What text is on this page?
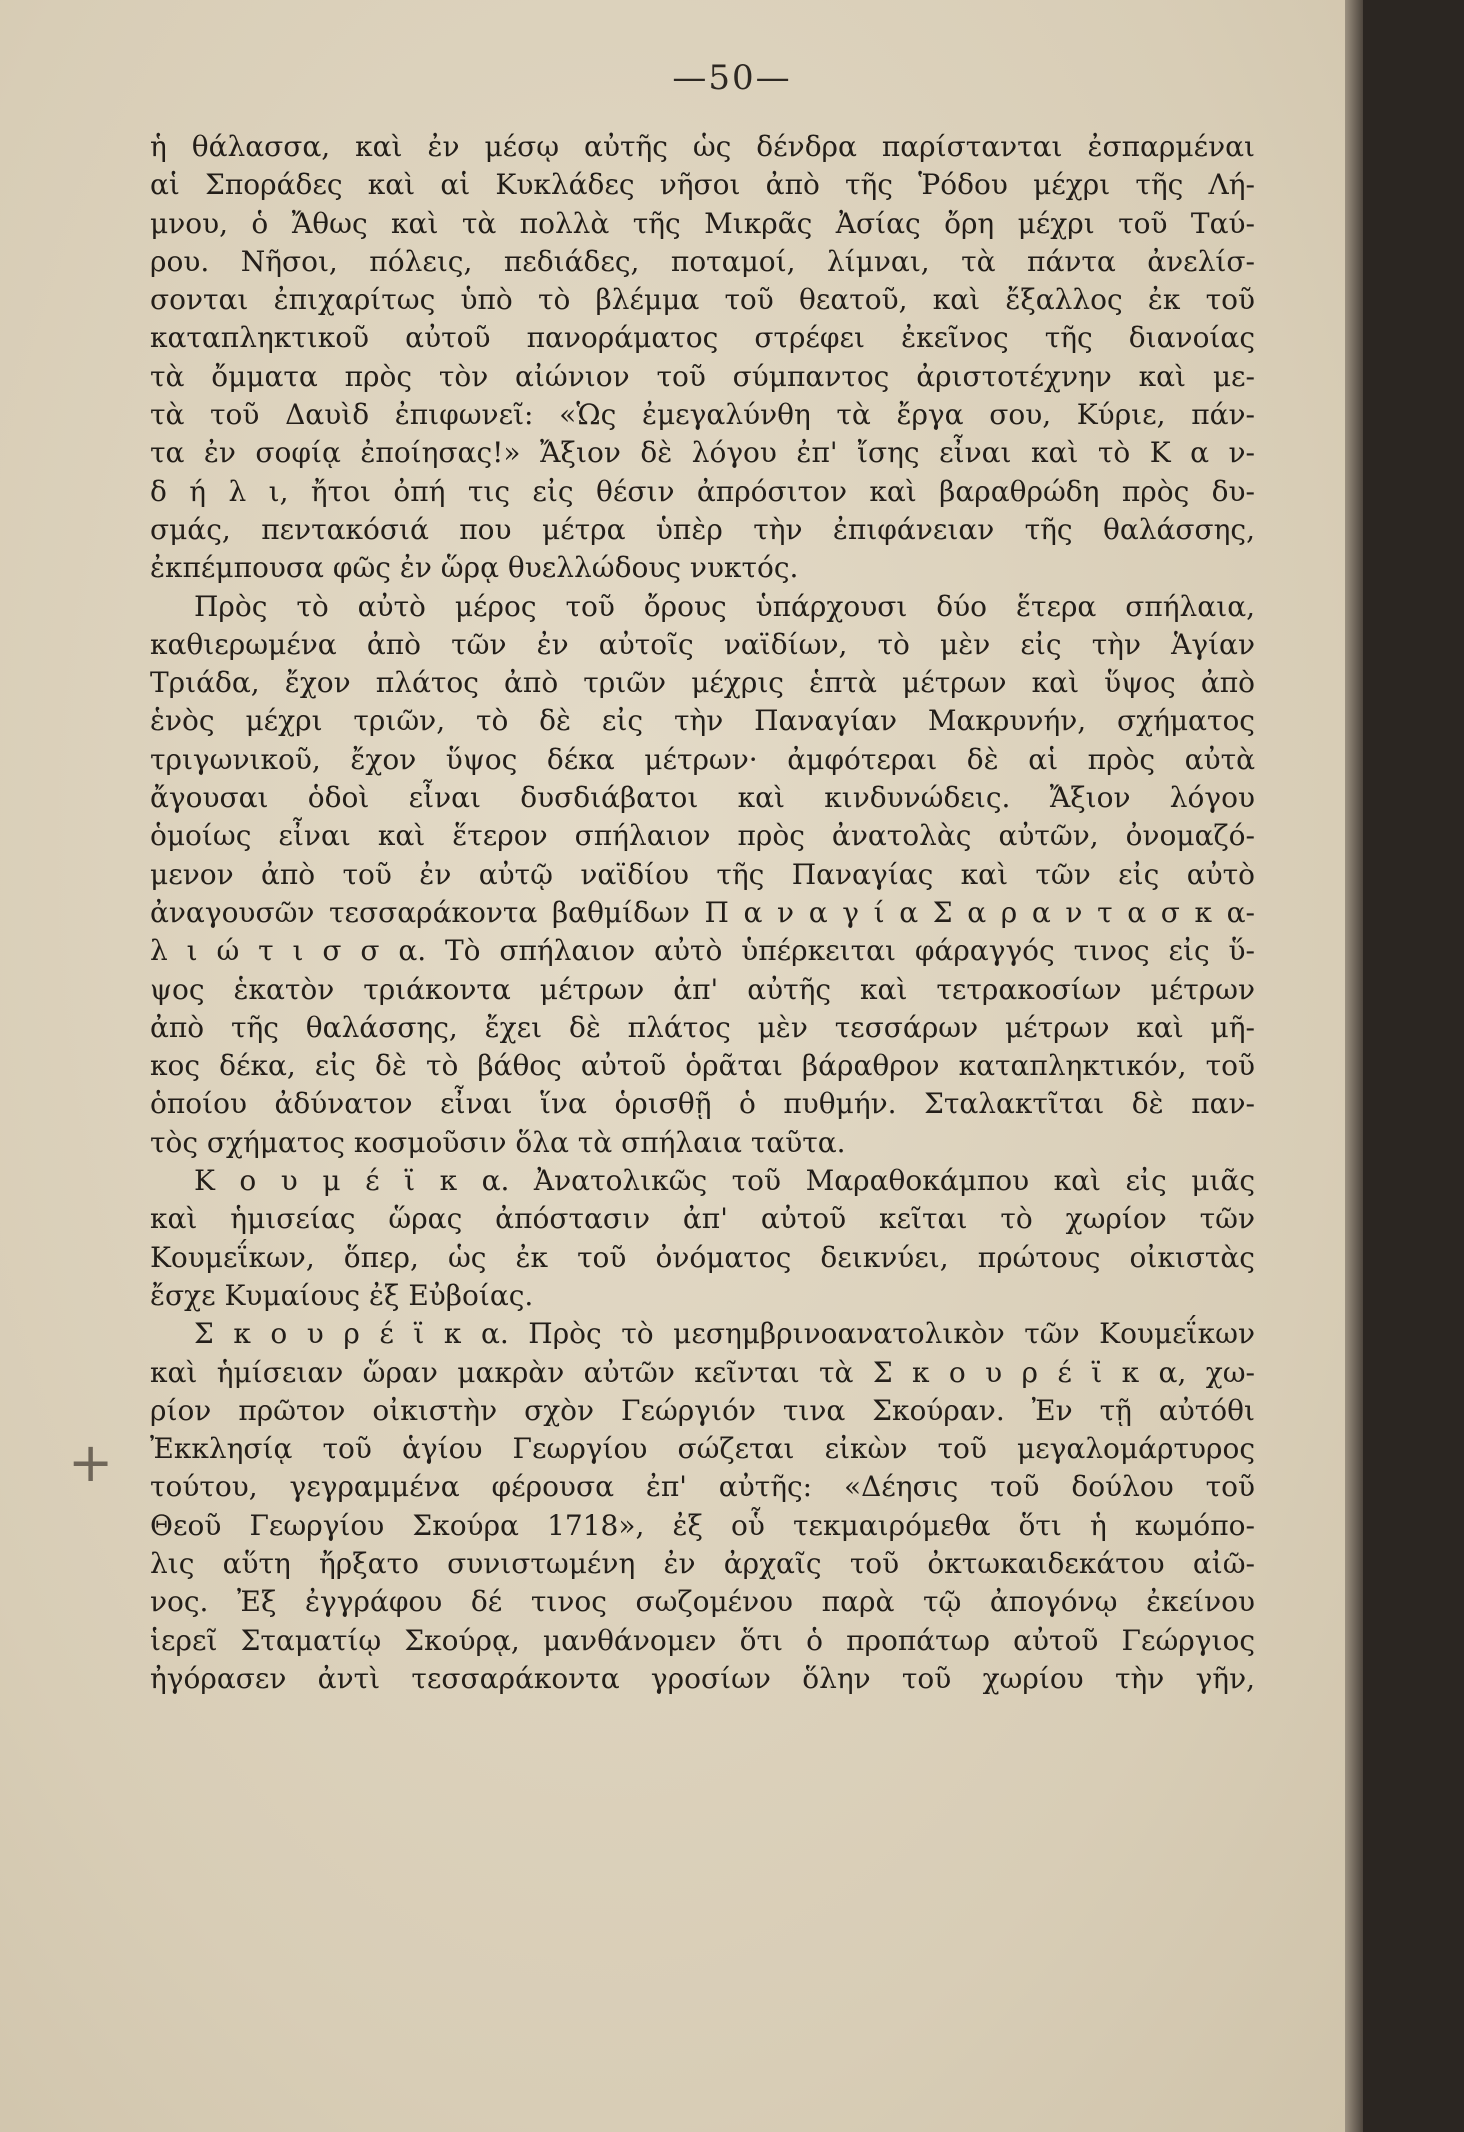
+
ἡ θάλασσα, καὶ ἐν μέσῳ αὐτῆς ὡς δένδρα παρίστανται ἐσπαρμέναι
αἱ Σποράδες καὶ αἱ Κυκλάδες νῆσοι ἀπὸ τῆς Ῥόδου μέχρι τῆς Λή-
μνου, ὁ Ἄθως καὶ τὰ πολλὰ τῆς Μικρᾶς Ἀσίας ὄρη μέχρι τοῦ Ταύ-
ρου. Νῆσοι, πόλεις, πεδιάδες, ποταμοί, λίμναι, τὰ πάντα ἀνελίσ-
σονται ἐπιχαρίτως ὑπὸ τὸ βλέμμα τοῦ θεατοῦ, καὶ ἔξαλλος ἐκ τοῦ
καταπληκτικοῦ αὐτοῦ πανοράματος στρέφει ἐκεῖνος τῆς διανοίας
τὰ ὄμματα πρὸς τὸν αἰώνιον τοῦ σύμπαντος ἀριστοτέχνην καὶ με-
τὰ τοῦ Δαυὶδ ἐπιφωνεῖ: «Ὡς ἐμεγαλύνθη τὰ ἔργα σου, Κύριε, πάν-
τα ἐν σοφίᾳ ἐποίησας!» Ἄξιον δὲ λόγου ἐπ' ἴσης εἶναι καὶ τὸ Κ α ν-
δ ή λ ι, ἤτοι ὀπή τις εἰς θέσιν ἀπρόσιτον καὶ βαραθρώδη πρὸς δυ-
σμάς, πεντακόσιά που μέτρα ὑπὲρ τὴν ἐπιφάνειαν τῆς θαλάσσης,
ἐκπέμπουσα φῶς ἐν ὥρᾳ θυελλώδους νυκτός.
Πρὸς τὸ αὐτὸ μέρος τοῦ ὄρους ὑπάρχουσι δύο ἕτερα σπήλαια,
καθιερωμένα ἀπὸ τῶν ἐν αὐτοῖς ναϊδίων, τὸ μὲν εἰς τὴν Ἁγίαν
Τριάδα, ἔχον πλάτος ἀπὸ τριῶν μέχρις ἑπτὰ μέτρων καὶ ὕψος ἀπὸ
ἑνὸς μέχρι τριῶν, τὸ δὲ εἰς τὴν Παναγίαν Μακρυνήν, σχήματος
τριγωνικοῦ, ἔχον ὕψος δέκα μέτρων· ἀμφότεραι δὲ αἱ πρὸς αὐτὰ
ἄγουσαι ὁδοὶ εἶναι δυσδιάβατοι καὶ κινδυνώδεις. Ἄξιον λόγου
ὁμοίως εἶναι καὶ ἕτερον σπήλαιον πρὸς ἀνατολὰς αὐτῶν, ὀνομαζό-
μενον ἀπὸ τοῦ ἐν αὐτῷ ναϊδίου τῆς Παναγίας καὶ τῶν εἰς αὐτὸ
ἀναγουσῶν τεσσαράκοντα βαθμίδων Π α ν α γ ί α Σ α ρ α ν τ α σ κ α-
λ ι ώ τ ι σ σ α. Τὸ σπήλαιον αὐτὸ ὑπέρκειται φάραγγός τινος εἰς ὕ-
ψος ἑκατὸν τριάκοντα μέτρων ἀπ' αὐτῆς καὶ τετρακοσίων μέτρων
ἀπὸ τῆς θαλάσσης, ἔχει δὲ πλάτος μὲν τεσσάρων μέτρων καὶ μῆ-
κος δέκα, εἰς δὲ τὸ βάθος αὐτοῦ ὁρᾶται βάραθρον καταπληκτικόν, τοῦ
ὁποίου ἀδύνατον εἶναι ἵνα ὁρισθῇ ὁ πυθμήν. Σταλακτῖται δὲ παν-
τὸς σχήματος κοσμοῦσιν ὅλα τὰ σπήλαια ταῦτα.
Κ ο υ μ έ ϊ κ α. Ἀνατολικῶς τοῦ Μαραθοκάμπου καὶ εἰς μιᾶς
καὶ ἡμισείας ὥρας ἀπόστασιν ἀπ' αὐτοῦ κεῖται τὸ χωρίον τῶν
Κουμεΐκων, ὅπερ, ὡς ἐκ τοῦ ὀνόματος δεικνύει, πρώτους οἰκιστὰς
ἔσχε Κυμαίους ἐξ Εὐβοίας.
Σ κ ο υ ρ έ ϊ κ α. Πρὸς τὸ μεσημβρινοανατολικὸν τῶν Κουμεΐκων
καὶ ἡμίσειαν ὥραν μακρὰν αὐτῶν κεῖνται τὰ Σ κ ο υ ρ έ ϊ κ α, χω-
ρίον πρῶτον οἰκιστὴν σχὸν Γεώργιόν τινα Σκούραν. Ἐν τῇ αὐτόθι
Ἐκκλησίᾳ τοῦ ἁγίου Γεωργίου σώζεται εἰκὼν τοῦ μεγαλομάρτυρος
τούτου, γεγραμμένα φέρουσα ἐπ' αὐτῆς: «Δέησις τοῦ δούλου τοῦ
Θεοῦ Γεωργίου Σκούρα 1718», ἐξ οὗ τεκμαιρόμεθα ὅτι ἡ κωμόπο-
λις αὕτη ἤρξατο συνιστωμένη ἐν ἀρχαῖς τοῦ ὀκτωκαιδεκάτου αἰῶ-
νος. Ἐξ ἐγγράφου δέ τινος σωζομένου παρὰ τῷ ἀπογόνῳ ἐκείνου
ἱερεῖ Σταματίῳ Σκούρᾳ, μανθάνομεν ὅτι ὁ προπάτωρ αὐτοῦ Γεώργιος
ἠγόρασεν ἀντὶ τεσσαράκοντα γροσίων ὅλην τοῦ χωρίου τὴν γῆν,
—50—
